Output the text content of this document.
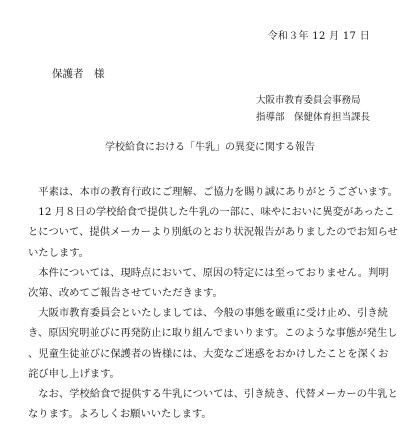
令和３年 12 月 17 日
保護者　様
大阪市教育委員会事務局
指導部　保健体育担当課長
学校給食における「牛乳」の異変に関する報告

平素は、本市の教育行政にご理解、ご協力を賜り誠にありがとうございます。

12 月８日の学校給食で提供した牛乳の一部に、味やにおいに異変があったことについて、提供メーカーより別紙のとおり状況報告がありましたのでお知らせいたします。

本件については、現時点において、原因の特定には至っておりません。判明次第、改めてご報告させていただきます。

大阪市教育委員会といたしましては、今般の事態を厳重に受け止め、引き続き、原因究明並びに再発防止に取り組んでまいります。このような事態が発生し、児童生徒並びに保護者の皆様には、大変なご迷惑をおかけしたことを深くお詫び申し上げます。

なお、学校給食で提供する牛乳については、引き続き、代替メーカーの牛乳となります。よろしくお願いいたします。
